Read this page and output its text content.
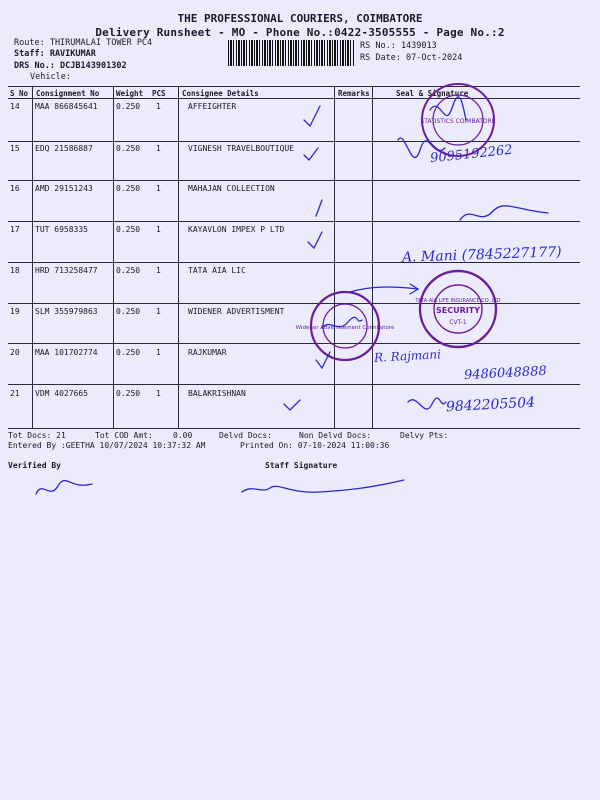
THE PROFESSIONAL COURIERS, COIMBATORE
Delivery Runsheet - MO - Phone No.:0422-3505555 - Page No.:2
Route: THIRUMALAI TOWER PC4
Staff: RAVIKUMAR
DRS No.: DCJB143901302
Vehicle:
RS No.: 1439013
RS Date: 07-Oct-2024
S No Consignment No Weight PCS Consignee Details	Remarks	Seal & Signature
14 MAA 866845641 0.250 1	AFFEIGHTER
15 EDQ 21586887	0.250 1	VIGNESH TRAVELBOUTIQUE
16 AMD 29151243	0.250 1	MAHAJAN COLLECTION
17 TUT 6958335	0.250 1	KAYAVLON IMPEX P LTD
18 HRD 713258477 0.250 1	TATA AIA LIC
19 SLM 355979863 0.250 1	WIDENER ADVERTISMENT
20 MAA 101702774 0.250 1	RAJKUMAR
21 VDM 4027665	0.250 1	BALAKRISHNAN
Tot Docs: 21	Tot COD Amt:	0.00	Delvd Docs:	Non Delvd Docs:	Delvy Pts:
Entered By :GEETHA 10/07/2024 10:37:32 AM	Printed On: 07-10-2024 11:00:36
Verified By	Staff Signature
9095192262
A. Mani (7845227177)
R. Rajmani
9486048888
9842205504
STATISTICS COIMBATORE
Widener Advertisement Coimbatore
TATA AIA LIFE INSURANCE CO. LTD
SECURITY
CVT-1
